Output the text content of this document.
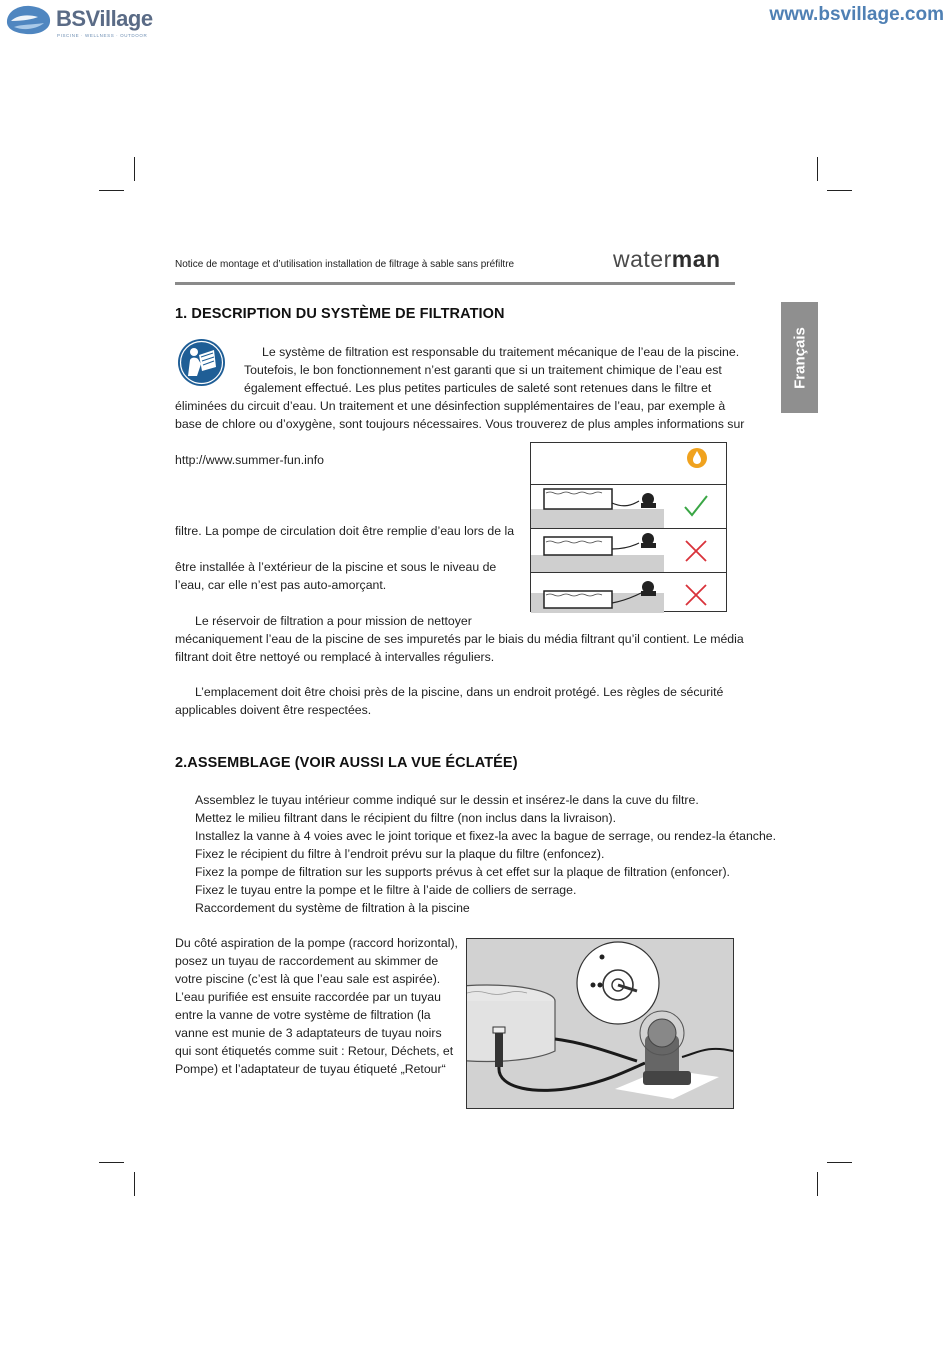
BSVillage
PISCINE · WELLNESS · OUTDOOR
www.bsvillage.com
Notice de montage et d’utilisation installation de filtrage à sable sans préfiltre	waterman
Français
1. DESCRIPTION DU SYSTÈME DE FILTRATION
Le système de filtration est responsable du traitement mécanique de l’eau de la piscine.
Toutefois, le bon fonctionnement n’est garanti que si un traitement chimique de l’eau est
également effectué. Les plus petites particules de saleté sont retenues dans le filtre et
éliminées du circuit d’eau. Un traitement et une désinfection supplémentaires de l’eau, par exemple à
base de chlore ou d’oxygène, sont toujours nécessaires. Vous trouverez de plus amples informations sur
http://www.summer-fun.info
filtre. La pompe de circulation doit être remplie d’eau lors de la
être installée à l’extérieur de la piscine et sous le niveau de
l’eau, car elle n’est pas auto-amorçant.
Le réservoir de filtration a pour mission de nettoyer
mécaniquement l’eau de la piscine de ses impuretés par le biais du média filtrant qu’il contient. Le média
filtrant doit être nettoyé ou remplacé à intervalles réguliers.
L’emplacement doit être choisi près de la piscine, dans un endroit protégé. Les règles de sécurité
applicables doivent être respectées.
2.ASSEMBLAGE (VOIR AUSSI LA VUE ÉCLATÉE)
Assemblez le tuyau intérieur comme indiqué sur le dessin et insérez-le dans la cuve du filtre.
Mettez le milieu filtrant dans le récipient du filtre (non inclus dans la livraison).
Installez la vanne à 4 voies avec le joint torique et fixez-la avec la bague de serrage, ou rendez-la étanche.
Fixez le récipient du filtre à l’endroit prévu sur la plaque du filtre (enfoncez).
Fixez la pompe de filtration sur les supports prévus à cet effet sur la plaque de filtration (enfoncer).
Fixez le tuyau entre la pompe et le filtre à l’aide de colliers de serrage.
Raccordement du système de filtration à la piscine
Du côté aspiration de la pompe (raccord horizontal),
posez un tuyau de raccordement au skimmer de
votre piscine (c’est là que l’eau sale est aspirée).
L’eau purifiée est ensuite raccordée par un tuyau
entre la vanne de votre système de filtration (la
vanne est munie de 3 adaptateurs de tuyau noirs
qui sont étiquetés comme suit : Retour, Déchets, et
Pompe) et l’adaptateur de tuyau étiqueté „Retour“
